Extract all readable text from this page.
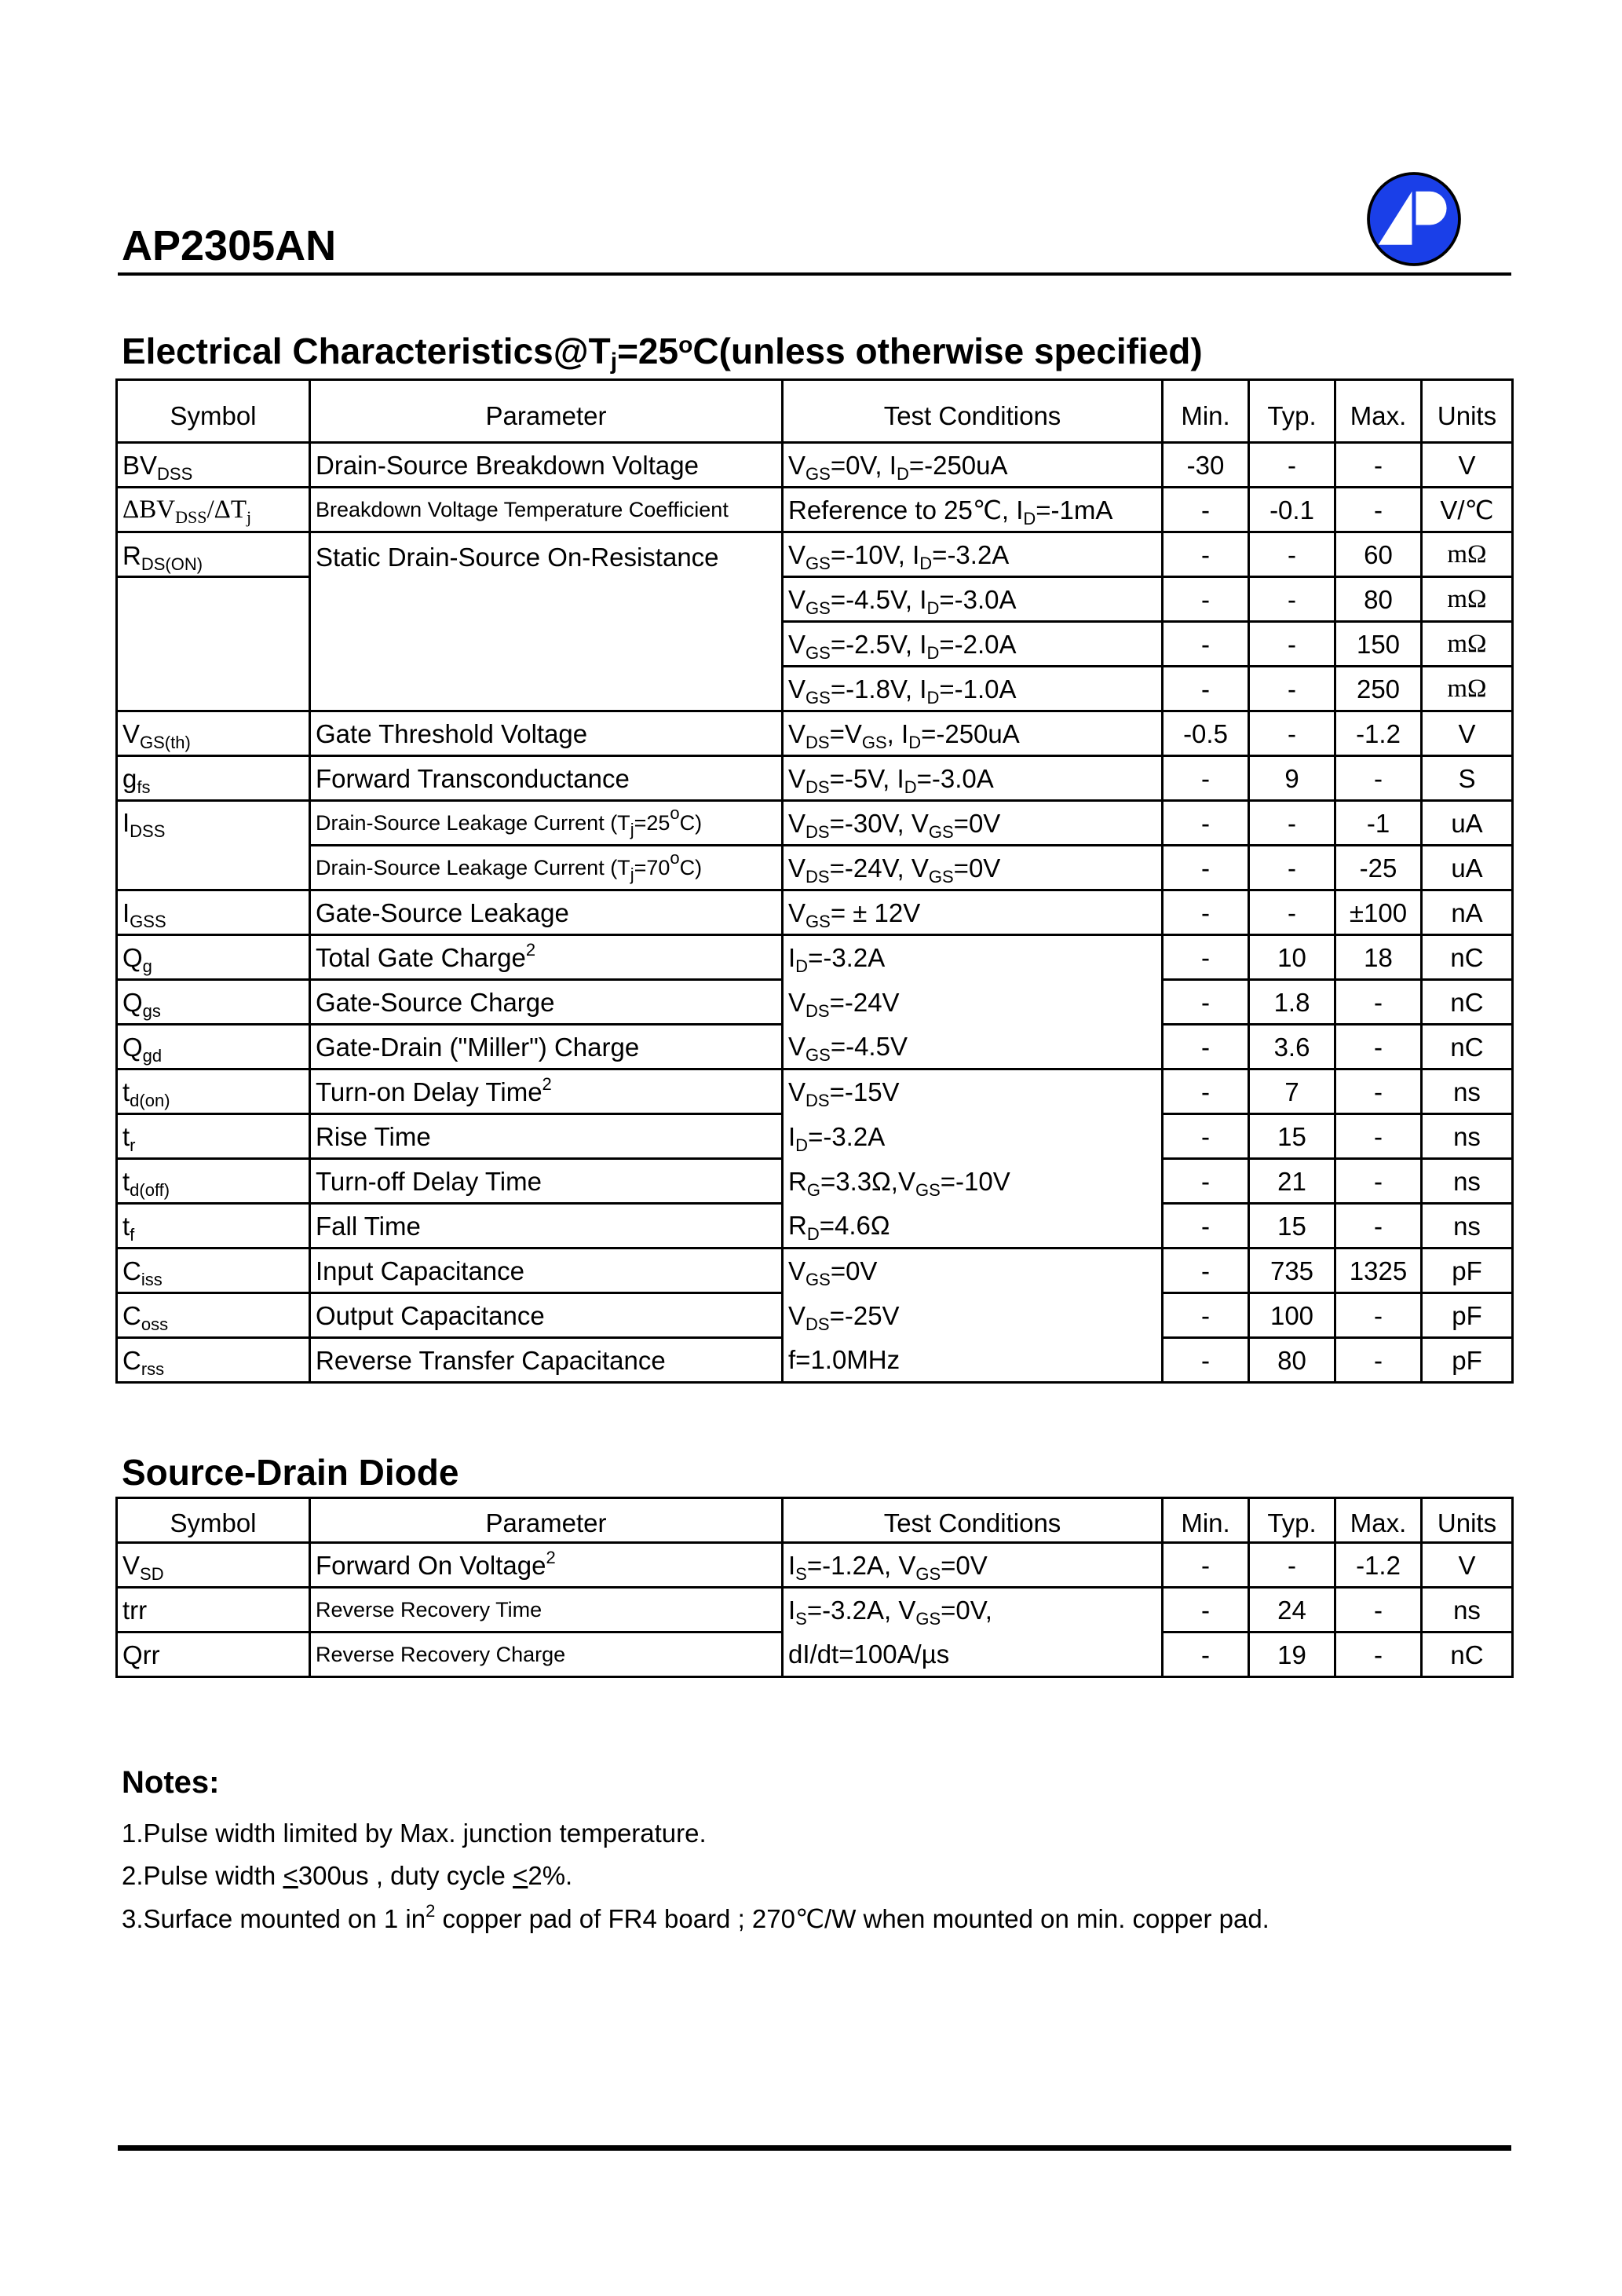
AP2305AN
Electrical $Characteristics@T_j=25^oC(unless$ otherwise specified)
Symbol	Parameter	Test Conditions	Min.	Typ.	Max.	Units
$BV_{DSS}$	Drain-Source Breakdown Voltage	$V_{GS}=0V$, $I_D=-250uA$	-30	-	-	V
$\Delta BV_{DSS}/\Delta T_j$	Breakdown Voltage Temperature Coefficient	Reference to 25℃, $I_D=-1mA$	-	-0.1	-	V/℃
$R_{DS(ON)}$	Static Drain-Source On-Resistance	$V_{GS}=-10V$, $I_D=-3.2A$	-	-	60	mΩ
		$V_{GS}=-4.5V$, $I_D=-3.0A$	-	-	80	mΩ
		$V_{GS}=-2.5V$, $I_D=-2.0A$	-	-	150	mΩ
		$V_{GS}=-1.8V$, $I_D=-1.0A$	-	-	250	mΩ
$V_{GS(th)}$	Gate Threshold Voltage	$V_{DS}=V_{GS}$, $I_D=-250uA$	-0.5	-	-1.2	V
$g_{fs}$	Forward Transconductance	$V_{DS}=-5V$, $I_D=-3.0A$	-	9	-	S
$I_{DSS}$	Drain-Source Leakage Current $(T_j=25^oC)$	$V_{DS}=-30V$, $V_{GS}=0V$	-	-	-1	uA
	Drain-Source Leakage Current $(T_j=70^oC)$	$V_{DS}=-24V$, $V_{GS}=0V$	-	-	-25	uA
$I_{GSS}$	Gate-Source Leakage	$V_{GS}= \pm 12V$	-	-	±100	nA
$Q_g$	Total Gate Charge$^2$	$I_D=-3.2A$	-	10	18	nC
$Q_{gs}$	Gate-Source Charge	$V_{DS}=-24V$	-	1.8	-	nC
$Q_{gd}$	Gate-Drain ("Miller") Charge	$V_{GS}=-4.5V$	-	3.6	-	nC
$t_{d(on)}$	Turn-on Delay Time$^2$	$V_{DS}=-15V$	-	7	-	ns
$t_r$	Rise Time	$I_D=-3.2A$	-	15	-	ns
$t_{d(off)}$	Turn-off Delay Time	$R_G=3.3\Omega,V_{GS}=-10V$	-	21	-	ns
$t_f$	Fall Time	$R_D=4.6\Omega$	-	15	-	ns
$C_{iss}$	Input Capacitance	$V_{GS}=0V$	-	735	1325	pF
$C_{oss}$	Output Capacitance	$V_{DS}=-25V$	-	100	-	pF
$C_{rss}$	Reverse Transfer Capacitance	f=1.0MHz	-	80	-	pF
Source-Drain Diode
Symbol	Parameter	Test Conditions	Min.	Typ.	Max.	Units
$V_{SD}$	Forward On Voltage$^2$	$I_S=-1.2A$, $V_{GS}=0V$	-	-	-1.2	V
trr	Reverse Recovery Time	$I_S=-3.2A$, $V_{GS}=0V$,	-	24	-	ns
Qrr	Reverse Recovery Charge	dI/dt=100A/µs	-	19	-	nC
Notes:

1.Pulse width limited by Max. junction temperature.

2.Pulse width <300us , duty cycle <2%.

3.Surface mounted on 1 $in^2$ copper pad of FR4 board ; 270℃/W when mounted on min. copper pad.
